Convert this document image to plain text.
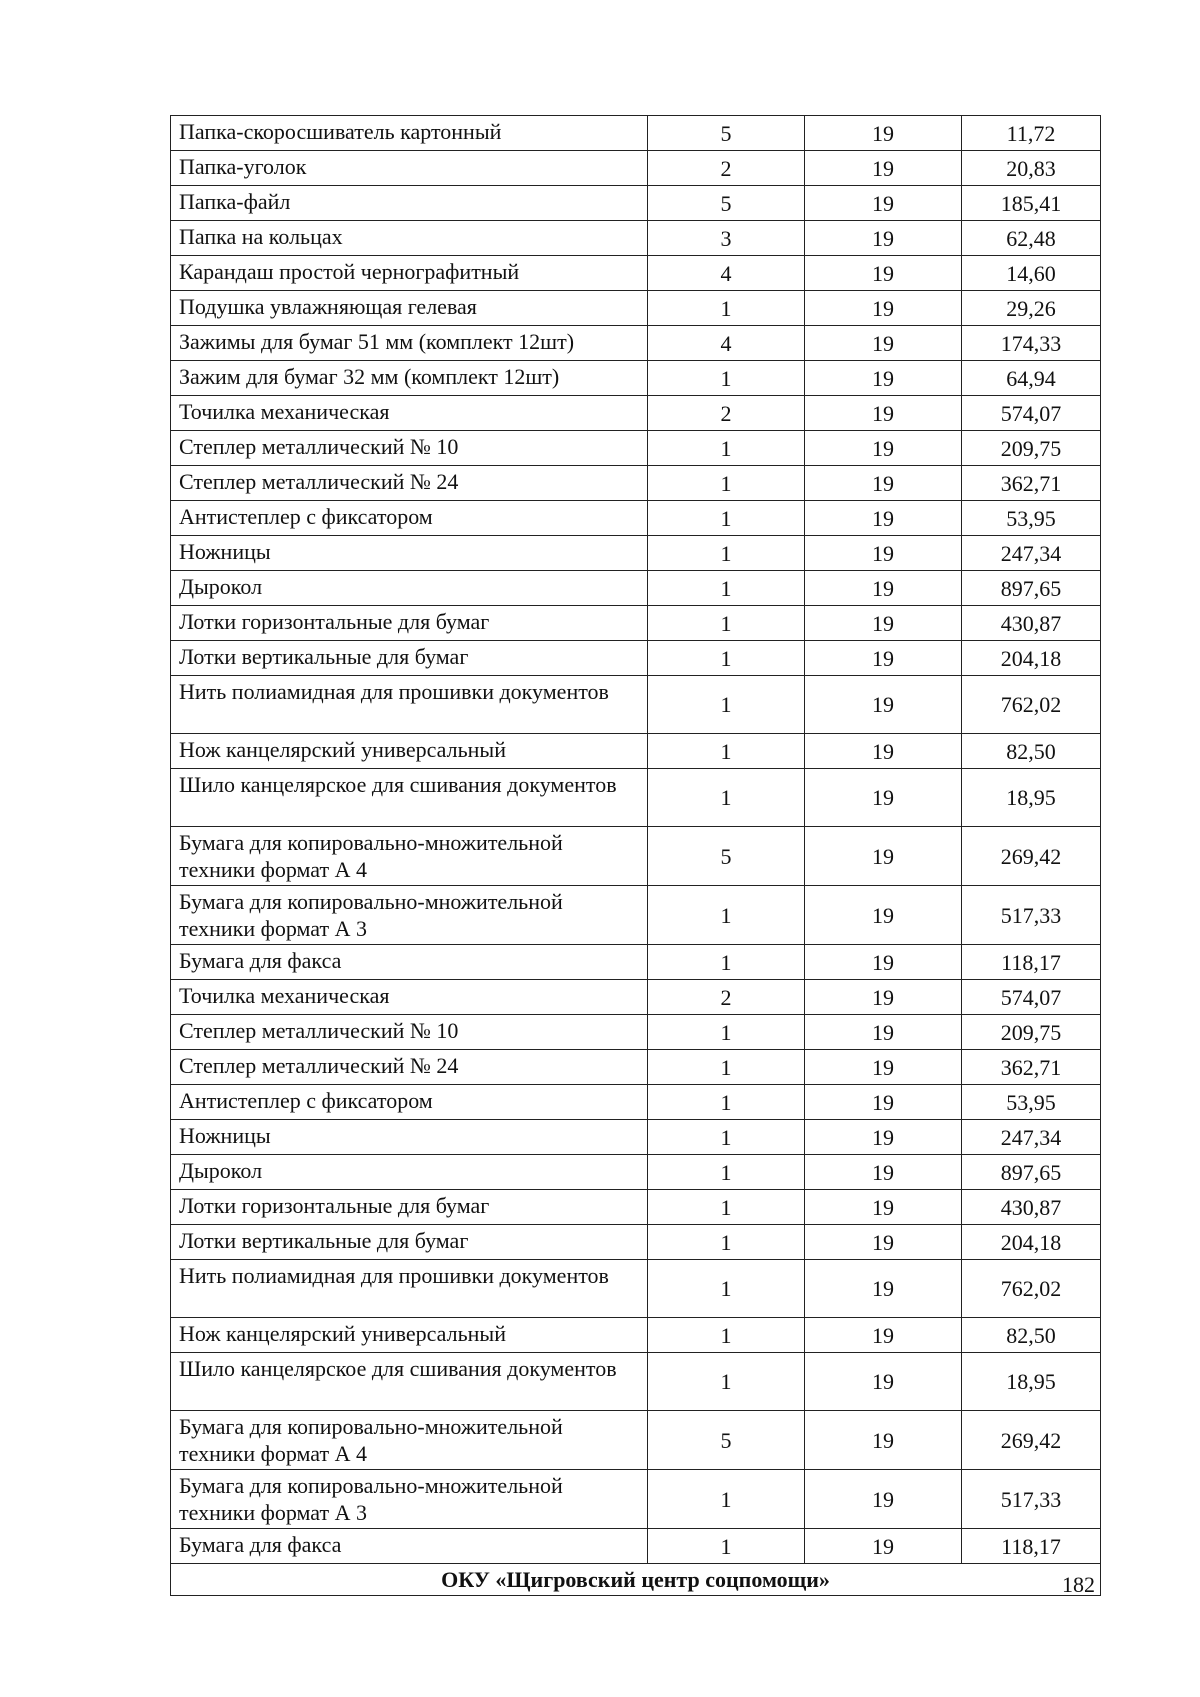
Папка-скоросшиватель картонный	5	19	11,72
Папка-уголок	2	19	20,83
Папка-файл	5	19	185,41
Папка на кольцах	3	19	62,48
Карандаш простой чернографитный	4	19	14,60
Подушка увлажняющая гелевая	1	19	29,26
Зажимы для бумаг 51 мм (комплект 12шт)	4	19	174,33
Зажим для бумаг 32 мм (комплект 12шт)	1	19	64,94
Точилка механическая	2	19	574,07
Степлер металлический № 10	1	19	209,75
Степлер металлический № 24	1	19	362,71
Антистеплер с фиксатором	1	19	53,95
Ножницы	1	19	247,34
Дырокол	1	19	897,65
Лотки горизонтальные для бумаг	1	19	430,87
Лотки вертикальные для бумаг	1	19	204,18
Нить полиамидная для прошивки документов	1	19	762,02
Нож канцелярский универсальный	1	19	82,50
Шило канцелярское для сшивания документов	1	19	18,95
Бумага для копировально-множительной техники формат А 4	5	19	269,42
Бумага для копировально-множительной техники формат А 3	1	19	517,33
Бумага для факса	1	19	118,17
Точилка механическая	2	19	574,07
Степлер металлический № 10	1	19	209,75
Степлер металлический № 24	1	19	362,71
Антистеплер с фиксатором	1	19	53,95
Ножницы	1	19	247,34
Дырокол	1	19	897,65
Лотки горизонтальные для бумаг	1	19	430,87
Лотки вертикальные для бумаг	1	19	204,18
Нить полиамидная для прошивки документов	1	19	762,02
Нож канцелярский универсальный	1	19	82,50
Шило канцелярское для сшивания документов	1	19	18,95
Бумага для копировально-множительной техники формат А 4	5	19	269,42
Бумага для копировально-множительной техники формат А 3	1	19	517,33
Бумага для факса	1	19	118,17
ОКУ «Щигровский центр соцпомощи»				182
